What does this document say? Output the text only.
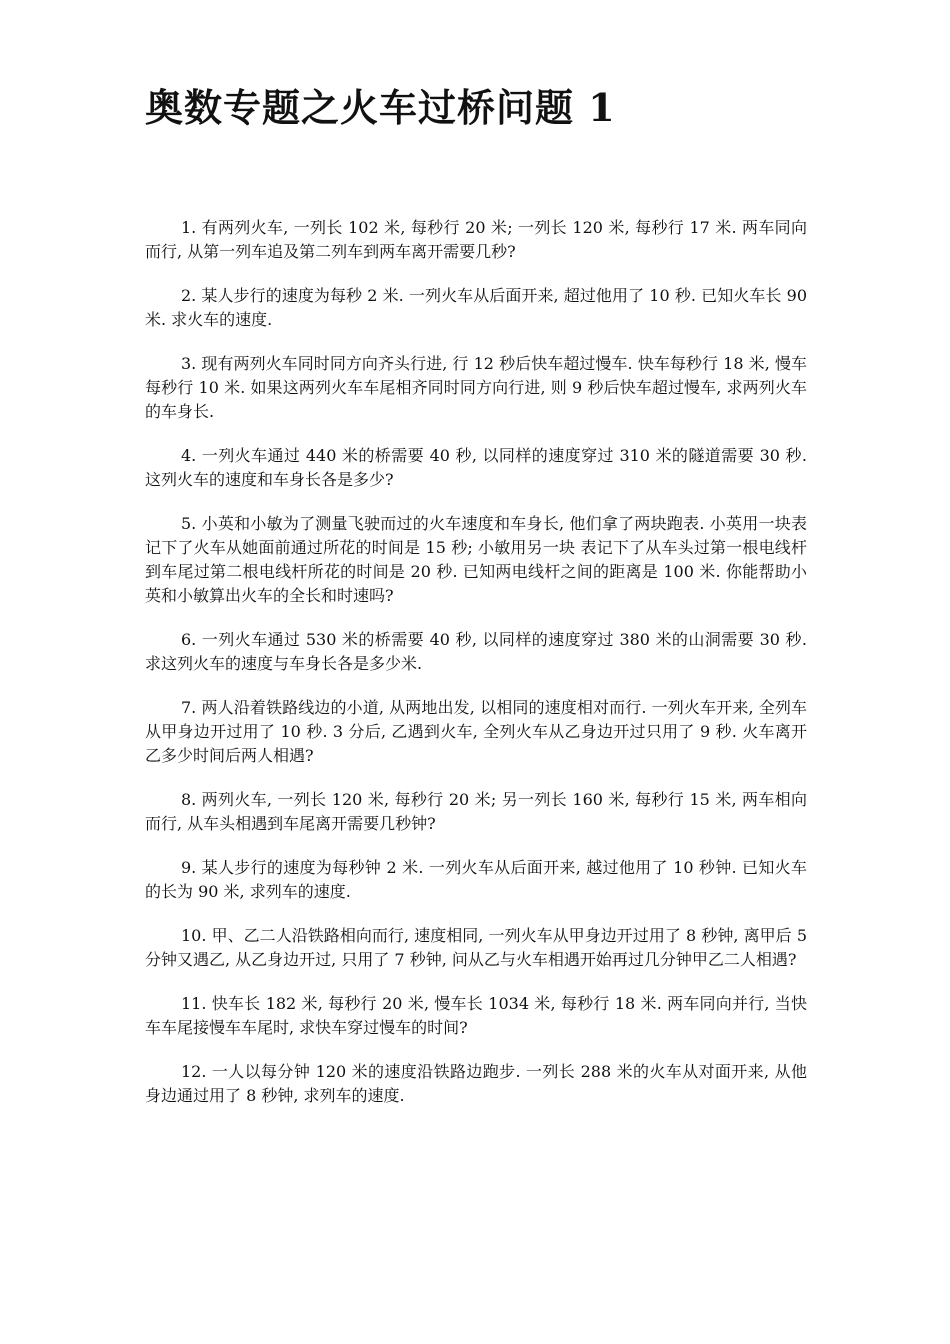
奥数专题之火车过桥问题 1
1. 有两列火车, 一列长 102 米, 每秒行 20 米; 一列长 120 米, 每秒行 17 米. 两车同向而行, 从第一列车追及第二列车到两车离开需要几秒?
2. 某人步行的速度为每秒 2 米. 一列火车从后面开来, 超过他用了 10 秒. 已知火车长 90 米. 求火车的速度.
3. 现有两列火车同时同方向齐头行进, 行 12 秒后快车超过慢车. 快车每秒行 18 米, 慢车每秒行 10 米. 如果这两列火车车尾相齐同时同方向行进, 则 9 秒后快车超过慢车, 求两列火车的车身长.
4. 一列火车通过 440 米的桥需要 40 秒, 以同样的速度穿过 310 米的隧道需要 30 秒. 这列火车的速度和车身长各是多少?
5. 小英和小敏为了测量飞驶而过的火车速度和车身长, 他们拿了两块跑表. 小英用一块表记下了火车从她面前通过所花的时间是 15 秒; 小敏用另一块 表记下了从车头过第一根电线杆到车尾过第二根电线杆所花的时间是 20 秒. 已知两电线杆之间的距离是 100 米. 你能帮助小英和小敏算出火车的全长和时速吗?
6. 一列火车通过 530 米的桥需要 40 秒, 以同样的速度穿过 380 米的山洞需要 30 秒. 求这列火车的速度与车身长各是多少米.
7. 两人沿着铁路线边的小道, 从两地出发, 以相同的速度相对而行. 一列火车开来, 全列车从甲身边开过用了 10 秒. 3 分后, 乙遇到火车, 全列火车从乙身边开过只用了 9 秒. 火车离开乙多少时间后两人相遇?
8. 两列火车, 一列长 120 米, 每秒行 20 米; 另一列长 160 米, 每秒行 15 米, 两车相向而行, 从车头相遇到车尾离开需要几秒钟?
9. 某人步行的速度为每秒钟 2 米. 一列火车从后面开来, 越过他用了 10 秒钟. 已知火车的长为 90 米, 求列车的速度.
10. 甲、乙二人沿铁路相向而行, 速度相同, 一列火车从甲身边开过用了 8 秒钟, 离甲后 5 分钟又遇乙, 从乙身边开过, 只用了 7 秒钟, 问从乙与火车相遇开始再过几分钟甲乙二人相遇?
11. 快车长 182 米, 每秒行 20 米, 慢车长 1034 米, 每秒行 18 米. 两车同向并行, 当快车车尾接慢车车尾时, 求快车穿过慢车的时间?
12. 一人以每分钟 120 米的速度沿铁路边跑步. 一列长 288 米的火车从对面开来, 从他身边通过用了 8 秒钟, 求列车的速度.
